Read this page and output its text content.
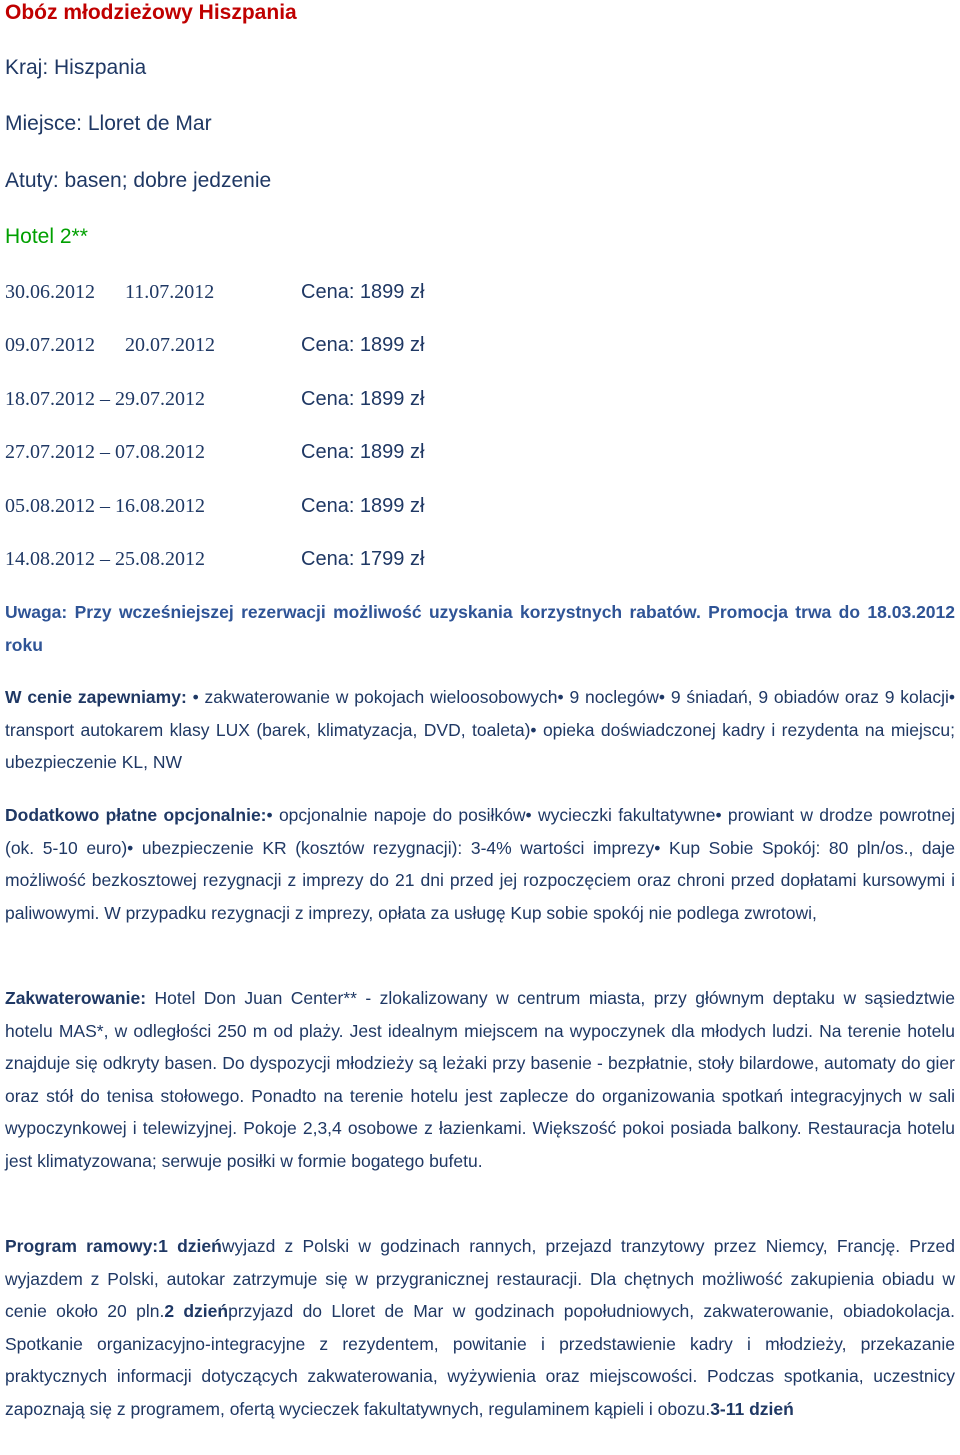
Obóz młodzieżowy Hiszpania
Kraj: Hiszpania
Miejsce: Lloret de Mar
Atuty: basen; dobre jedzenie
Hotel 2**
30.06.2012   11.07.2012	Cena: 1899 zł
09.07.2012   20.07.2012	Cena: 1899 zł
18.07.2012 – 29.07.2012	Cena: 1899 zł
27.07.2012 – 07.08.2012	Cena: 1899 zł
05.08.2012 – 16.08.2012	Cena: 1899 zł
14.08.2012 – 25.08.2012	Cena: 1799 zł
Uwaga: Przy wcześniejszej rezerwacji możliwość uzyskania korzystnych rabatów. Promocja trwa do 18.03.2012 roku
W cenie zapewniamy: • zakwaterowanie w pokojach wieloosobowych• 9 noclegów• 9 śniadań, 9 obiadów oraz 9 kolacji• transport autokarem klasy LUX (barek, klimatyzacja, DVD, toaleta)• opieka doświadczonej kadry i rezydenta na miejscu; ubezpieczenie KL, NW
Dodatkowo płatne opcjonalnie:• opcjonalnie napoje do posiłków• wycieczki fakultatywne• prowiant w drodze powrotnej (ok. 5-10 euro)• ubezpieczenie KR (kosztów rezygnacji): 3-4% wartości imprezy• Kup Sobie Spokój: 80 pln/os., daje możliwość bezkosztowej rezygnacji z imprezy do 21 dni przed jej rozpoczęciem oraz chroni przed dopłatami kursowymi i paliwowymi. W przypadku rezygnacji z imprezy, opłata za usługę Kup sobie spokój nie podlega zwrotowi,
Zakwaterowanie: Hotel Don Juan Center** - zlokalizowany w centrum miasta, przy głównym deptaku w sąsiedztwie hotelu MAS*, w odległości 250 m od plaży. Jest idealnym miejscem na wypoczynek dla młodych ludzi. Na terenie hotelu znajduje się odkryty basen. Do dyspozycji młodzieży są leżaki przy basenie - bezpłatnie, stoły bilardowe, automaty do gier oraz stół do tenisa stołowego. Ponadto na terenie hotelu jest zaplecze do organizowania spotkań integracyjnych w sali wypoczynkowej i telewizyjnej. Pokoje 2,3,4 osobowe z łazienkami. Większość pokoi posiada balkony. Restauracja hotelu jest klimatyzowana; serwuje posiłki w formie bogatego bufetu.
Program ramowy:1 dzieńwyjazd z Polski w godzinach rannych, przejazd tranzytowy przez Niemcy, Francję. Przed wyjazdem z Polski, autokar zatrzymuje się w przygranicznej restauracji. Dla chętnych możliwość zakupienia obiadu w cenie około 20 pln.2 dzieńprzyjazd do Lloret de Mar w godzinach popołudniowych, zakwaterowanie, obiadokolacja. Spotkanie organizacyjno-integracyjne z rezydentem, powitanie i przedstawienie kadry i młodzieży, przekazanie praktycznych informacji dotyczących zakwaterowania, wyżywienia oraz miejscowości. Podczas spotkania, uczestnicy zapoznają się z programem, ofertą wycieczek fakultatywnych, regulaminem kąpieli i obozu.3-11 dzień
